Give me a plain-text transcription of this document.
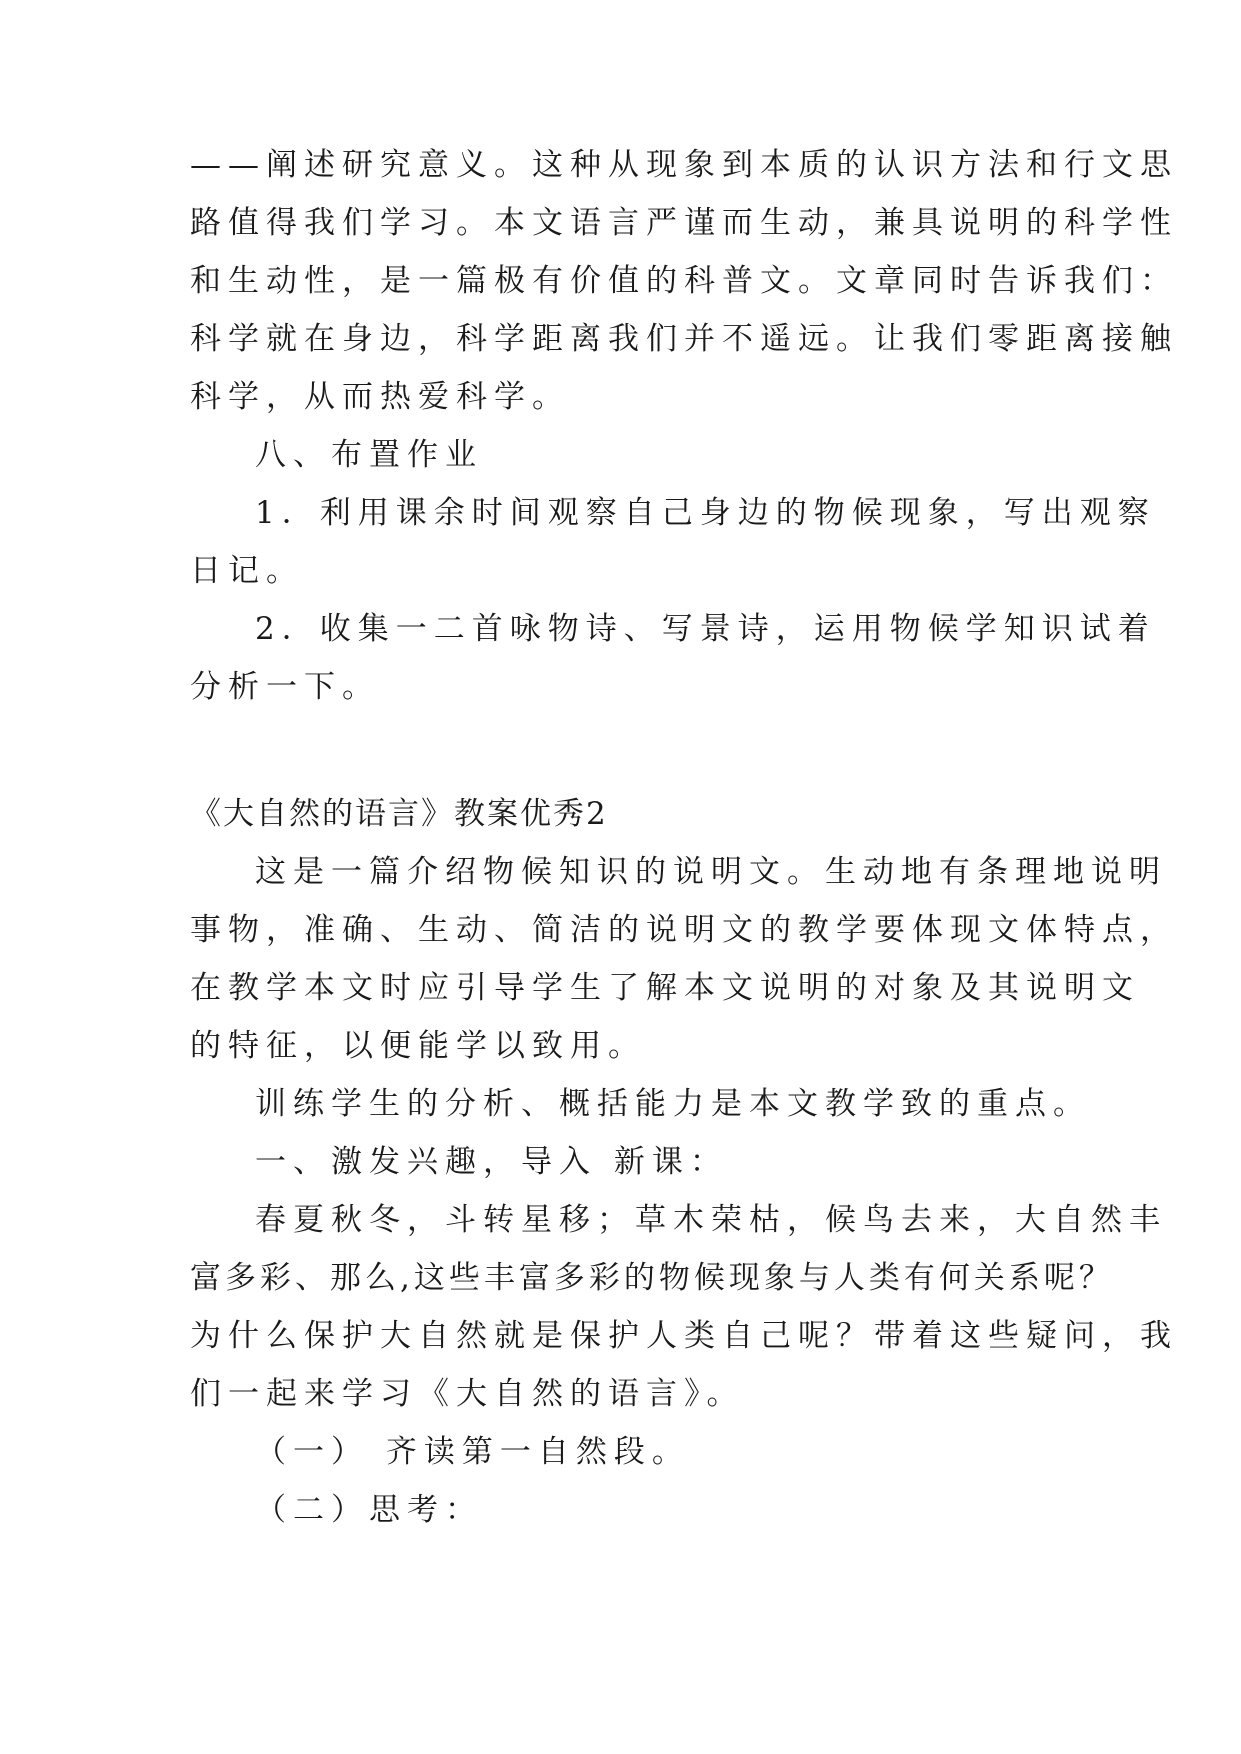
——阐述研究意义。这种从现象到本质的认识方法和行文思
路值得我们学习。本文语言严谨而生动，兼具说明的科学性
和生动性，是一篇极有价值的科普文。文章同时告诉我们：
科学就在身边，科学距离我们并不遥远。让我们零距离接触
科学，从而热爱科学。
八、布置作业
1．利用课余时间观察自己身边的物候现象，写出观察
日记。
2．收集一二首咏物诗、写景诗，运用物候学知识试着
分析一下。
《大自然的语言》教案优秀2
这是一篇介绍物候知识的说明文。生动地有条理地说明
事物，准确、生动、简洁的说明文的教学要体现文体特点，
在教学本文时应引导学生了解本文说明的对象及其说明文
的特征，以便能学以致用。
训练学生的分析、概括能力是本文教学致的重点。
一、激发兴趣，导入 新课：
春夏秋冬，斗转星移；草木荣枯，候鸟去来，大自然丰
富多彩、那么,这些丰富多彩的物候现象与人类有何关系呢？
为什么保护大自然就是保护人类自己呢？带着这些疑问，我
们一起来学习《大自然的语言》。
（一） 齐读第一自然段。
（二）思考：
